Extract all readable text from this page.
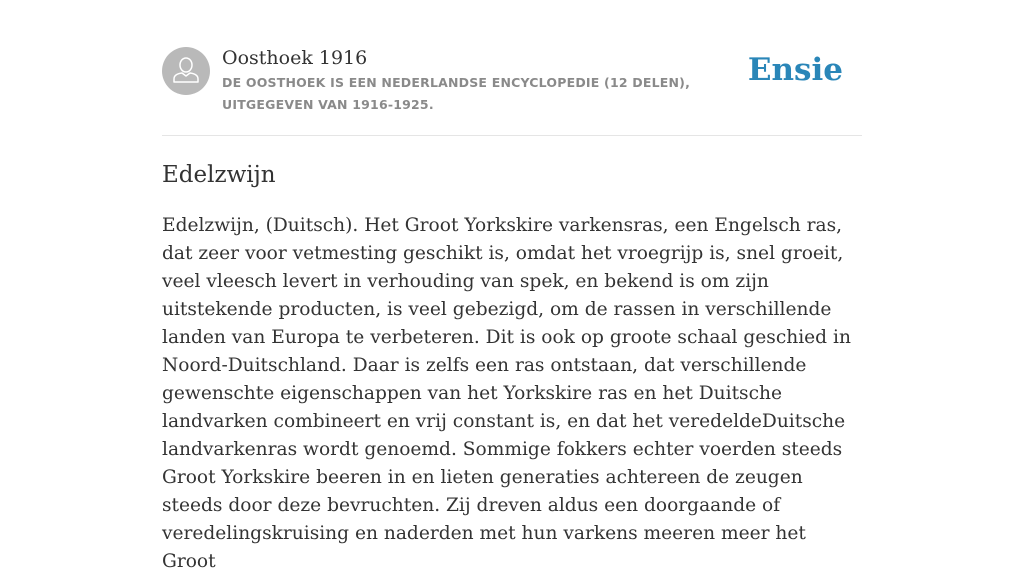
Oosthoek 1916
DE OOSTHOEK IS EEN NEDERLANDSE ENCYCLOPEDIE (12 DELEN), UITGEGEVEN VAN 1916-1925.
Ensie
Edelzwijn

Edelzwijn, (Duitsch). Het Groot Yorkskire varkensras, een Engelsch ras, dat zeer voor vetmesting geschikt is, omdat het vroegrijp is, snel groeit, veel vleesch levert in verhouding van spek, en bekend is om zijn uitstekende producten, is veel gebezigd, om de rassen in verschillende landen van Europa te verbeteren. Dit is ook op groote schaal geschied in Noord-Duitschland. Daar is zelfs een ras ontstaan, dat verschillende gewenschte eigenschappen van het Yorkskire ras en het Duitsche landvarken combineert en vrij constant is, en dat het veredeldeDuitsche landvarkenras wordt genoemd. Sommige fokkers echter voerden steeds Groot Yorkskire beeren in en lieten generaties achtereen de zeugen steeds door deze bevruchten. Zij dreven aldus een doorgaande of veredelingskruising en naderden met hun varkens meeren meer het Groot
